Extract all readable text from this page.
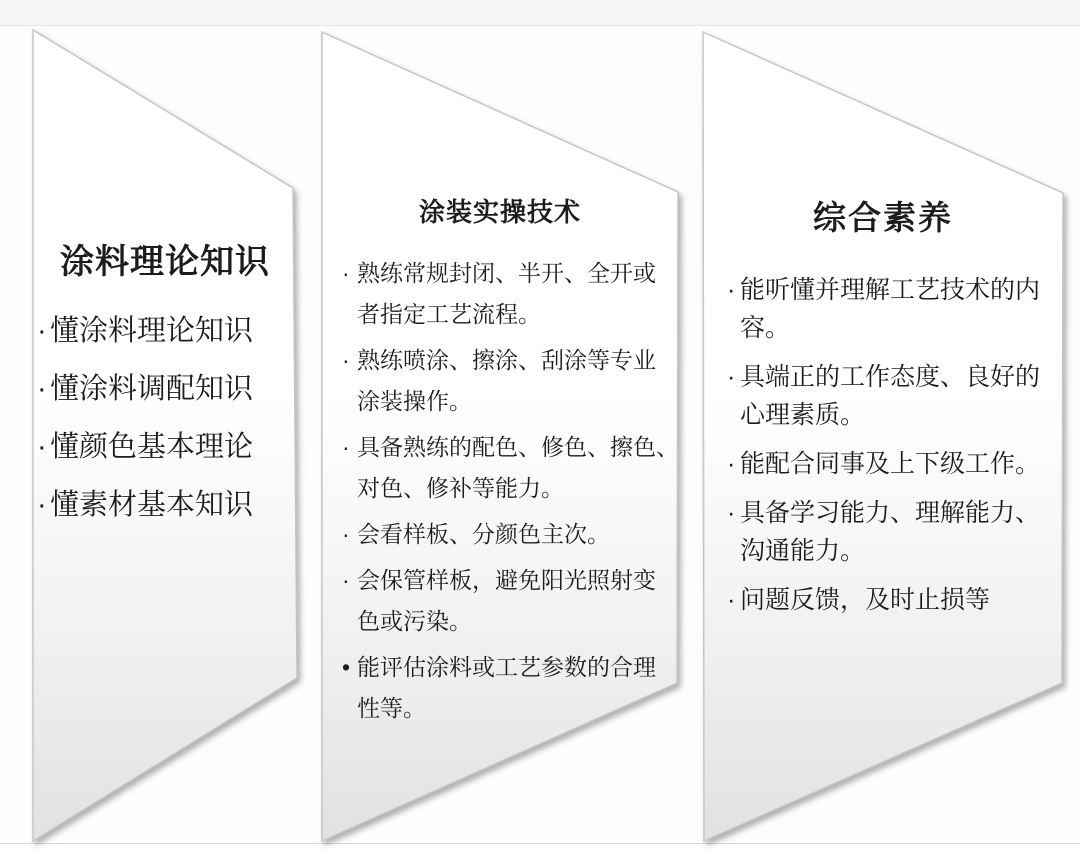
涂料理论知识
· 懂涂料理论知识
· 懂涂料调配知识
· 懂颜色基本理论
· 懂素材基本知识
涂装实操技术
· 熟练常规封闭、半开、全开或
者指定工艺流程。
· 熟练喷涂、擦涂、刮涂等专业
涂装操作。
· 具备熟练的配色、修色、擦色、
对色、修补等能力。
· 会看样板、分颜色主次。
· 会保管样板，避免阳光照射变
色或污染。
• 能评估涂料或工艺参数的合理
性等。
综合素养
· 能听懂并理解工艺技术的内
容。
· 具端正的工作态度、良好的
心理素质。
· 能配合同事及上下级工作。
· 具备学习能力、理解能力、
沟通能力。
· 问题反馈，及时止损等
